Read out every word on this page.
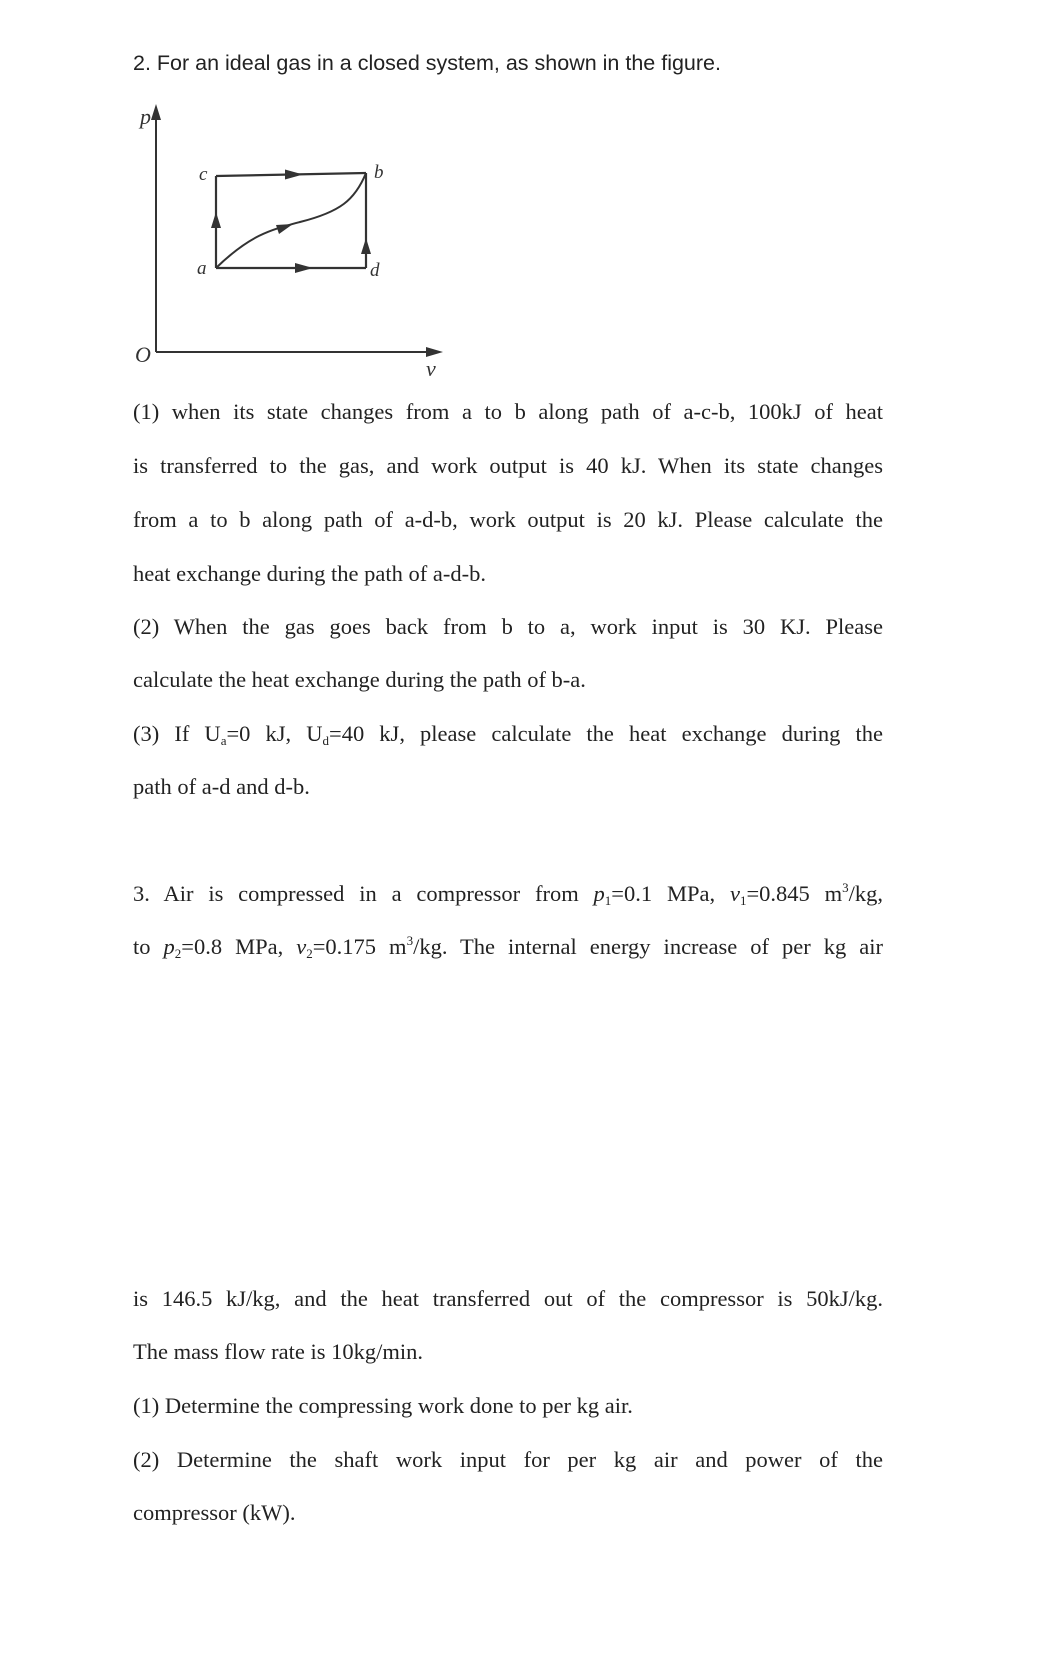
2. For an ideal gas in a closed system, as shown in the figure.
p
v
O
c	b
a	d
(1) when its state changes from a to b along path of a-c-b, 100kJ of heat
is transferred to the gas, and work output is 40 kJ. When its state changes
from a to b along path of a-d-b, work output is 20 kJ. Please calculate the
heat exchange during the path of a-d-b.
(2) When the gas goes back from b to a, work input is 30 KJ. Please
calculate the heat exchange during the path of b-a.
(3) If $U_a=0$ kJ, $U_d=40$ kJ, please calculate the heat exchange during the
path of a-d and d-b.
3. Air is compressed in a compressor from $p_1=0.1$ MPa, $v_1=0.845$ $m^3/kg$,
to $p_2=0.8$ MPa, $v_2=0.175$ $m^3/kg$. The internal energy increase of per kg air
is 146.5 kJ/kg, and the heat transferred out of the compressor is 50kJ/kg.
The mass flow rate is 10kg/min.
(1) Determine the compressing work done to per kg air.
(2) Determine the shaft work input for per kg air and power of the
compressor (kW).
